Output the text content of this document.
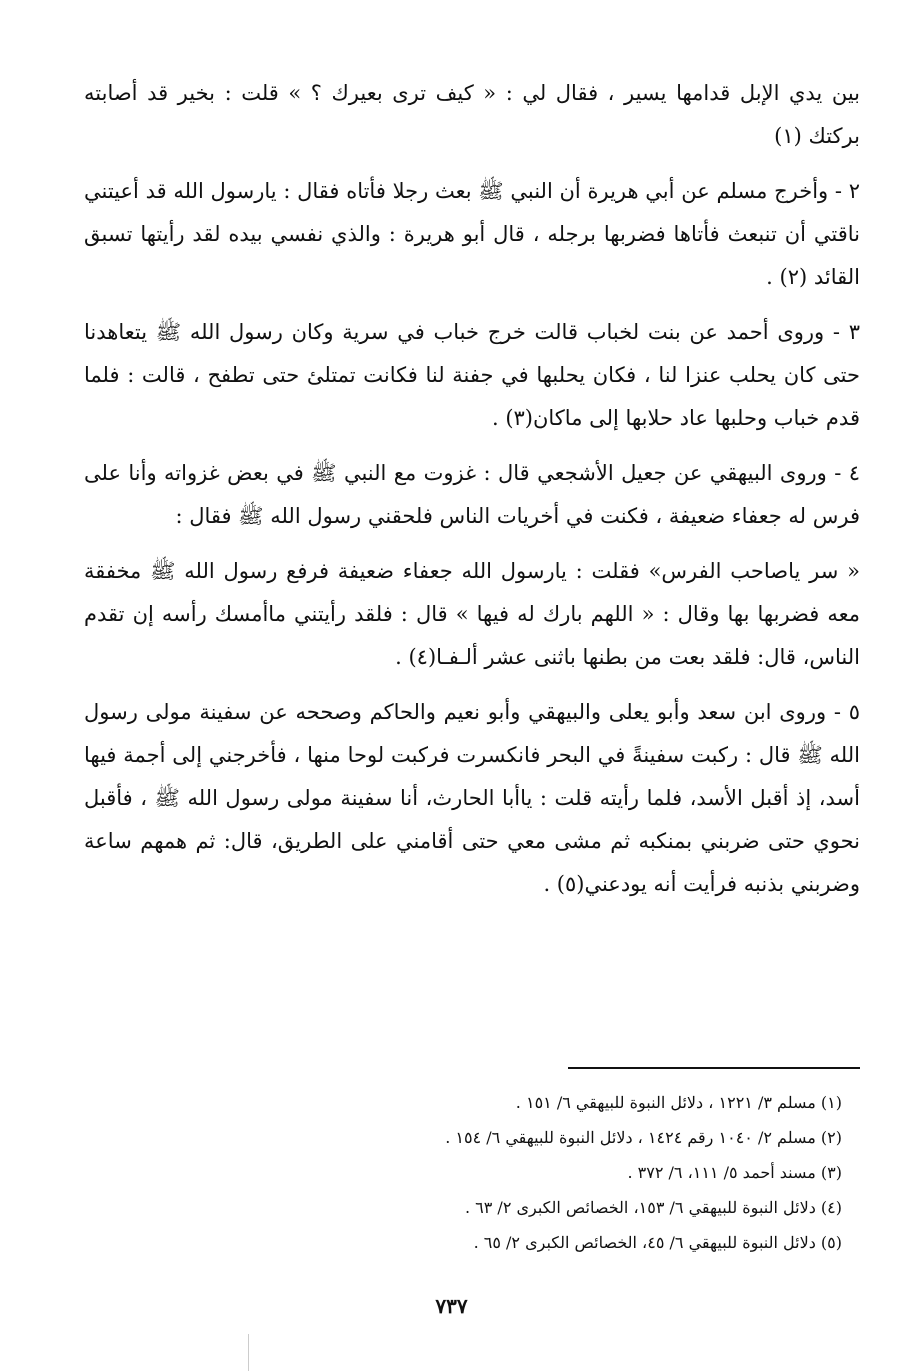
بين يدي الإبل قدامها يسير ، فقال لي : « كيف ترى بعيرك ؟ » قلت : بخير قد أصابته بركتك (١)

٢ - وأخرج مسلم عن أبي هريرة أن النبي ﷺ بعث رجلا فأتاه فقال : يارسول الله قد أعيتني ناقتي أن تنبعث فأتاها فضربها برجله ، قال أبو هريرة : والذي نفسي بيده لقد رأيتها تسبق القائد (٢) .

٣ - وروى أحمد عن بنت لخباب قالت خرج خباب في سرية وكان رسول الله ﷺ يتعاهدنا حتى كان يحلب عنزا لنا ، فكان يحلبها في جفنة لنا فكانت تمتلئ حتى تطفح ، قالت : فلما قدم خباب وحلبها عاد حلابها إلى ماكان(٣) .

٤ - وروى البيهقي عن جعيل الأشجعي قال : غزوت مع النبي ﷺ في بعض غزواته وأنا على فرس له جعفاء ضعيفة ، فكنت في أخريات الناس فلحقني رسول الله ﷺ فقال :

« سر ياصاحب الفرس» فقلت : يارسول الله جعفاء ضعيفة فرفع رسول الله ﷺ مخفقة معه فضربها بها وقال : « اللهم بارك له فيها » قال : فلقد رأيتني ماأمسك رأسه إن تقدم الناس، قال: فلقد بعت من بطنها باثنى عشر ألـفـا(٤) .

٥ - وروى ابن سعد وأبو يعلى والبيهقي وأبو نعيم والحاكم وصححه عن سفينة مولى رسول الله ﷺ قال : ركبت سفينةً في البحر فانكسرت فركبت لوحا منها ، فأخرجني إلى أجمة فيها أسد، إذ أقبل الأسد، فلما رأيته قلت : ياأبا الحارث، أنا سفينة مولى رسول الله ﷺ ، فأقبل نحوي حتى ضربني بمنكبه ثم مشى معي حتى أقامني على الطريق، قال: ثم همهم ساعة وضربني بذنبه فرأيت أنه يودعني(٥) .

(١) مسلم ٣/ ١٢٢١ ، دلائل النبوة للبيهقي ٦/ ١٥١ .

(٢) مسلم ٢/ ١٠٤٠ رقم ١٤٢٤ ، دلائل النبوة للبيهقي ٦/ ١٥٤ .

(٣) مسند أحمد ٥/ ١١١، ٦/ ٣٧٢ .

(٤) دلائل النبوة للبيهقي ٦/ ١٥٣، الخصائص الكبرى ٢/ ٦٣ .

(٥) دلائل النبوة للبيهقي ٦/ ٤٥، الخصائص الكبرى ٢/ ٦٥ .

٧٣٧
